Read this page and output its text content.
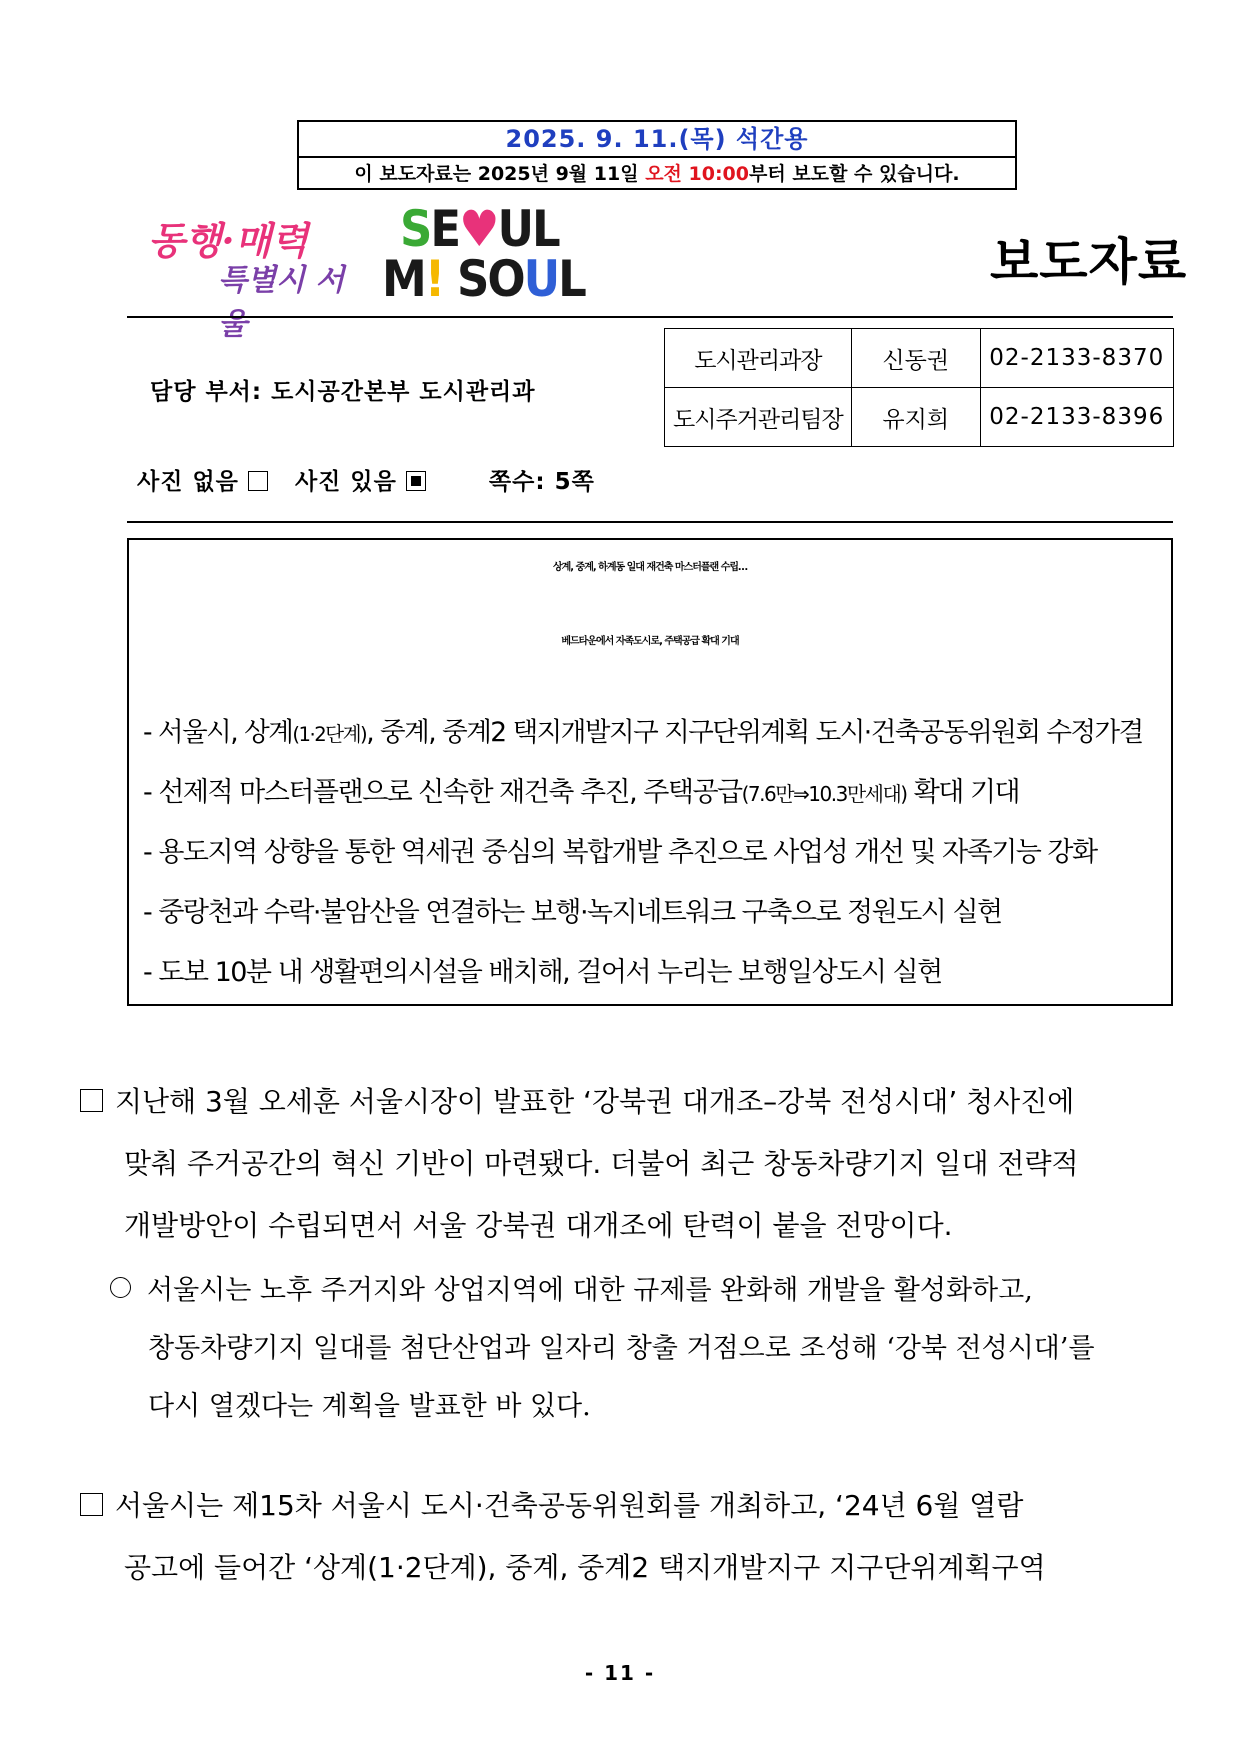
2025. 9. 11.(목) 석간용
이 보도자료는 2025년 9월 11일 오전 10:00부터 보도할 수 있습니다.
동행·매력
특별시 서울
SE♥UL
M! SOUL	보도자료
담당 부서: 도시공간본부 도시관리과
도시관리과장	신동권	02-2133-8370
도시주거관리팀장	유지희	02-2133-8396
사진 없음 사진 있음	쪽수: 5쪽
상계, 중계, 하계동 일대 재건축 마스터플랜 수립…
베드타운에서 자족도시로, 주택공급 확대 기대
- 서울시, 상계(1·2단계), 중계, 중계2 택지개발지구 지구단위계획 도시·건축공동위원회 수정가결
- 선제적 마스터플랜으로 신속한 재건축 추진, 주택공급(7.6만⇒10.3만세대) 확대 기대
- 용도지역 상향을 통한 역세권 중심의 복합개발 추진으로 사업성 개선 및 자족기능 강화
- 중랑천과 수락·불암산을 연결하는 보행·녹지네트워크 구축으로 정원도시 실현
- 도보 10분 내 생활편의시설을 배치해, 걸어서 누리는 보행일상도시 실현
지난해 3월 오세훈 서울시장이 발표한 ‘강북권 대개조–강북 전성시대’ 청사진에
맞춰 주거공간의 혁신 기반이 마련됐다. 더불어 최근 창동차량기지 일대 전략적
개발방안이 수립되면서 서울 강북권 대개조에 탄력이 붙을 전망이다.
서울시는 노후 주거지와 상업지역에 대한 규제를 완화해 개발을 활성화하고,
창동차량기지 일대를 첨단산업과 일자리 창출 거점으로 조성해 ‘강북 전성시대’를
다시 열겠다는 계획을 발표한 바 있다.
서울시는 제15차 서울시 도시·건축공동위원회를 개최하고, ‘24년 6월 열람
공고에 들어간 ‘상계(1·2단계), 중계, 중계2 택지개발지구 지구단위계획구역
- 11 -
